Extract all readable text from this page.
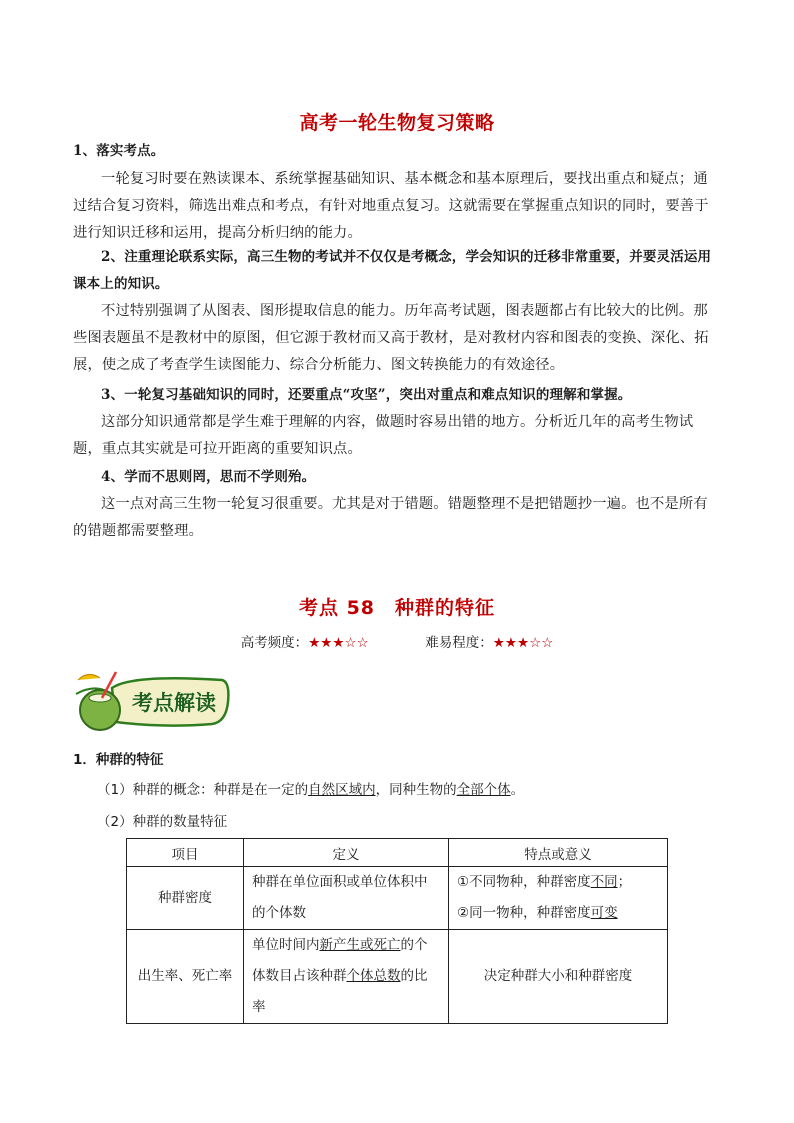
高考一轮生物复习策略
1、落实考点。
一轮复习时要在熟读课本、系统掌握基础知识、基本概念和基本原理后，要找出重点和疑点；通过结合复习资料，筛选出难点和考点，有针对地重点复习。这就需要在掌握重点知识的同时，要善于进行知识迁移和运用，提高分析归纳的能力。
2、注重理论联系实际，高三生物的考试并不仅仅是考概念，学会知识的迁移非常重要，并要灵活运用课本上的知识。
不过特别强调了从图表、图形提取信息的能力。历年高考试题，图表题都占有比较大的比例。那些图表题虽不是教材中的原图，但它源于教材而又高于教材，是对教材内容和图表的变换、深化、拓展，使之成了考查学生读图能力、综合分析能力、图文转换能力的有效途径。
3、一轮复习基础知识的同时，还要重点“攻坚”，突出对重点和难点知识的理解和掌握。
这部分知识通常都是学生难于理解的内容，做题时容易出错的地方。分析近几年的高考生物试题，重点其实就是可拉开距离的重要知识点。
4、学而不思则罔，思而不学则殆。
这一点对高三生物一轮复习很重要。尤其是对于错题。错题整理不是把错题抄一遍。也不是所有的错题都需要整理。
考点 58　种群的特征
高考频度：★★★☆☆	难易程度：★★★☆☆
考点解读
1．种群的特征
（1）种群的概念：种群是在一定的自然区域内，同种生物的全部个体。
（2）种群的数量特征
项目	定义	特点或意义
种群密度	种群在单位面积或单位体积中的个体数	①不同物种，种群密度不同；
②同一物种，种群密度可变

出生率、死亡率	单位时间内新产生或死亡的个体数目占该种群个体总数的比率	决定种群大小和种群密度
